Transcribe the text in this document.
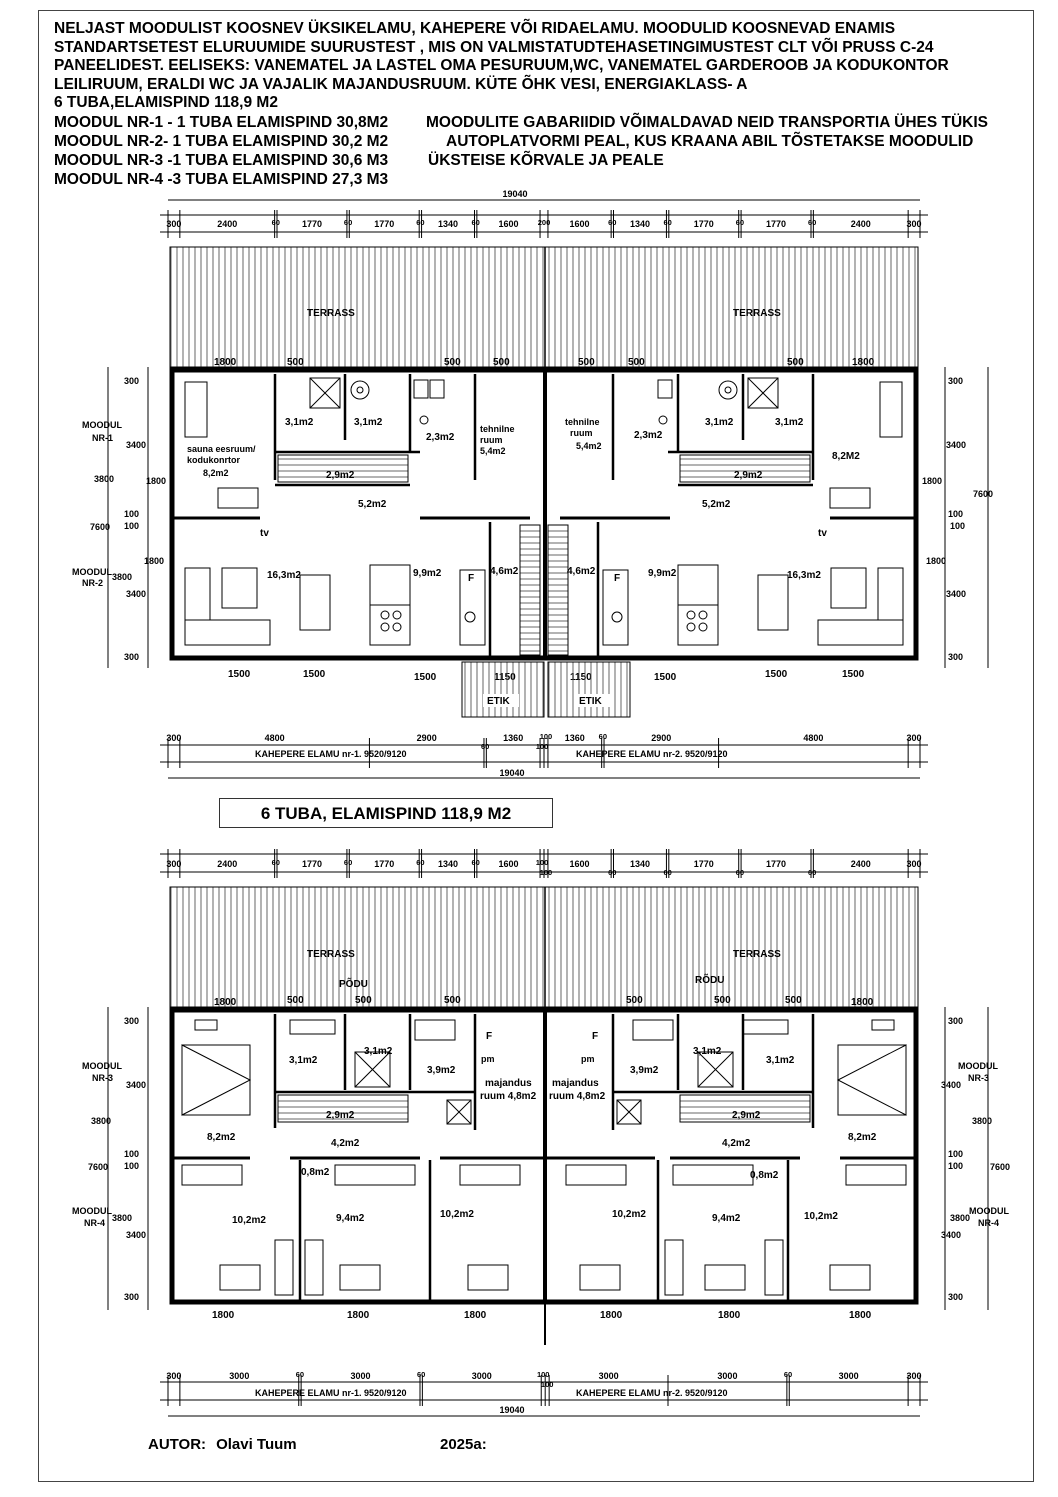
NELJAST MOODULIST KOOSNEV ÜKSIKELAMU, KAHEPERE VÕI RIDAELAMU. MOODULID KOOSNEVAD ENAMIS
STANDARTSETEST ELURUUMIDE SUURUSTEST , MIS ON VALMISTATUDTEHASETINGIMUSTEST CLT VÕI PRUSS C-24
PANEELIDEST. EELISEKS: VANEMATEL JA LASTEL OMA PESURUUM,WC, VANEMATEL GARDEROOB JA KODUKONTOR
LEILIRUUM, ERALDI WC JA VAJALIK MAJANDUSRUUM. KÜTE ÕHK VESI, ENERGIAKLASS- A
6 TUBA,ELAMISPIND 118,9 M2
MOODUL NR-1 - 1 TUBA ELAMISPIND 30,8M2
MOODUL NR-2- 1 TUBA ELAMISPIND 30,2 M2
MOODUL NR-3 -1 TUBA ELAMISPIND 30,6 M3
MOODUL NR-4 -3 TUBA ELAMISPIND 27,3 M3
MOODULITE GABARIIDID VÕIMALDAVAD NEID TRANSPORTIA ÜHES TÜKIS
AUTOPLATVORMI PEAL, KUS KRAANA ABIL TÕSTETAKSE MOODULID
ÜKSTEISE KÕRVALE JA PEALE
19040
300	2400	60 1770	60 1770	60 1340 60 1600	200 1600 60 1340 60 1770	60 1770	60	2400	300
TERRASS	TERRASS
1800	500	500	500	500	500	500	1800
3,1m2	3,1m2
2,3m2
tehnilne
ruum
5,4m2
sauna eesruum/
kodukonrtor
8,2m2	2,9m2
5,2m2
tv
16,3m2	9,9m2	F
4,6m2
tehnilne
ruum
5,4m2
2,3m2
3,1m2	3,1m2
8,2M2
2,9m2
5,2m2
tv
4,6m2
F	9,9m2	16,3m2
300
3400
3800	1800
100
7600 100
1800
3800
3400
300
MOODUL
NR-1
MOODUL
NR-2
300
3400
1800
100
100
7600
1800
3400
300
1500	1500	1500	1500	1500	1500
ETIK	ETIK
300	4800	2900
60
1360
100
100 1360 60	2900	4800	300
KAHEPERE ELAMU nr-1. 9520/9120	KAHEPERE ELAMU nr-2. 9520/9120
19040
300	2400	60 1770	60 1770	60 1340 60 1600 100
100
1600
60
1340
60
1770
60
1770
60
2400	300
TERRASS	TERRASS
PÕDU	RÕDU
1800	500	500	500	500	500	500	1800
3,1m2
3,1m2
3,9m2
F
pm
majandus
ruum 4,8m2
2,9m2
8,2m2
4,2m2
0,8m2
10,2m2	9,4m2	10,2m2
majandus
ruum 4,8m2
F
pm
3,9m2
3,1m2
3,1m2
2,9m2
8,2m2
4,2m2
0,8m2
10,2m2	9,4m2	10,2m2
300
3400
3800
100
7600 100
3800
3400
300
MOODUL
NR-3
MOODUL
NR-4
300
3400
3800
100
100	7600
3800
3400
300
MOODUL
NR-3
MOODUL
NR-4
1800	1800	1800	1800	1800	1800
300	3000	60	3000	60	3000	100
100
3000	3000	60	3000	300
KAHEPERE ELAMU nr-1. 9520/9120	KAHEPERE ELAMU nr-2. 9520/9120
19040
6 TUBA, ELAMISPIND 118,9 M2
AUTOR: Olavi Tuum	2025a:
